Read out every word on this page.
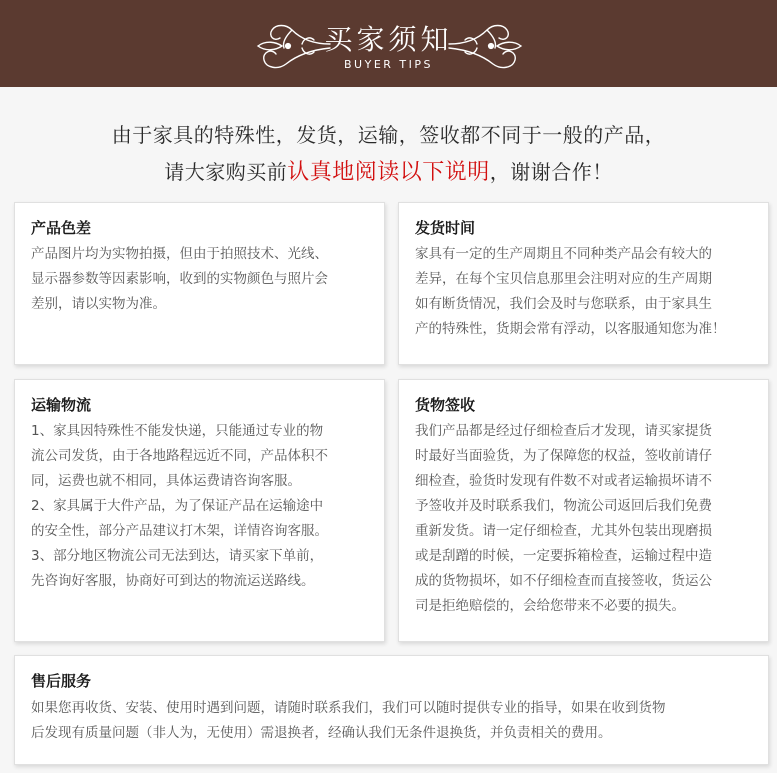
买家须知
BUYER TIPS
由于家具的特殊性，发货，运输，签收都不同于一般的产品，
请大家购买前认真地阅读以下说明，谢谢合作！
产品色差
产品图片均为实物拍摄，但由于拍照技术、光线、
显示器参数等因素影响，收到的实物颜色与照片会
差别，请以实物为准。
发货时间
家具有一定的生产周期且不同种类产品会有较大的
差异，在每个宝贝信息那里会注明对应的生产周期
如有断货情况，我们会及时与您联系，由于家具生
产的特殊性，货期会常有浮动，以客服通知您为准！
运输物流
1、家具因特殊性不能发快递，只能通过专业的物
流公司发货，由于各地路程远近不同，产品体积不
同，运费也就不相同，具体运费请咨询客服。
2、家具属于大件产品，为了保证产品在运输途中
的安全性，部分产品建议打木架，详情咨询客服。
3、部分地区物流公司无法到达，请买家下单前，
先咨询好客服，协商好可到达的物流运送路线。
货物签收
我们产品都是经过仔细检查后才发现，请买家提货
时最好当面验货，为了保障您的权益，签收前请仔
细检查，验货时发现有件数不对或者运输损坏请不
予签收并及时联系我们，物流公司返回后我们免费
重新发货。请一定仔细检查，尤其外包装出现磨损
或是刮蹭的时候，一定要拆箱检查，运输过程中造
成的货物损坏，如不仔细检查而直接签收，货运公
司是拒绝赔偿的，会给您带来不必要的损失。
售后服务
如果您再收货、安装、使用时遇到问题，请随时联系我们，我们可以随时提供专业的指导，如果在收到货物
后发现有质量问题（非人为，无使用）需退换者，经确认我们无条件退换货，并负责相关的费用。
